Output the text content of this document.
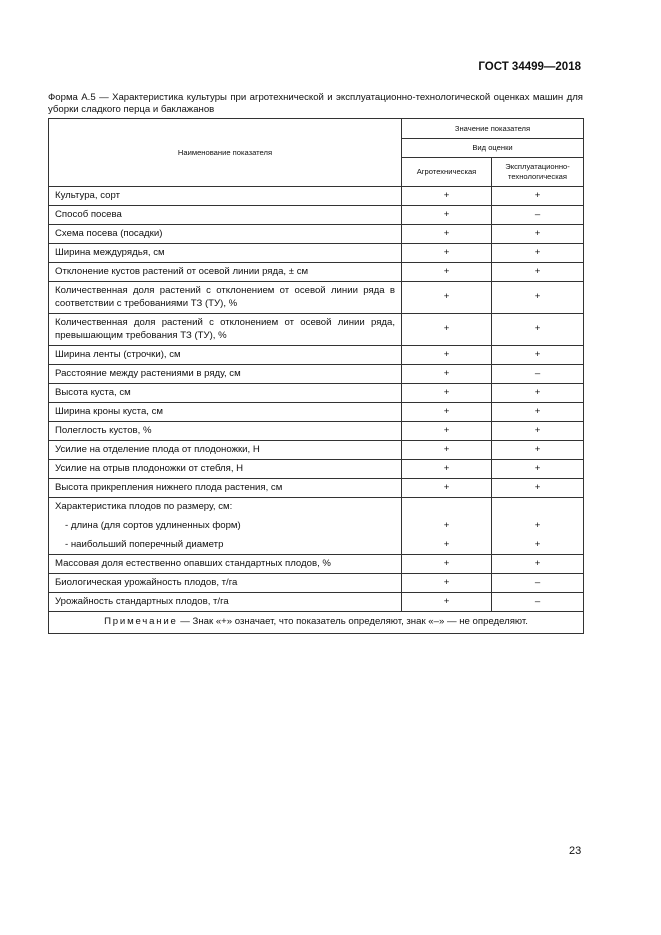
ГОСТ 34499—2018
Форма А.5 — Характеристика культуры при агротехнической и эксплуатационно-технологической оценках машин для уборки сладкого перца и баклажанов
Наименование показателя	Значение показателя	
	Вид оценки	
	Агротехническая	Эксплуатационно-технологическая
Культура, сорт	+	+
Способ посева	+	–
Схема посева (посадки)	+	+
Ширина междурядья, см	+	+
Отклонение кустов растений от осевой линии ряда, ± см	+	+
Количественная доля растений с отклонением от осевой линии ряда в соответствии с требованиями ТЗ (ТУ), %	+	+
Количественная доля растений с отклонением от осевой линии ряда, превышающим требования ТЗ (ТУ), %	+	+
Ширина ленты (строчки), см	+	+
Расстояние между растениями в ряду, см	+	–
Высота куста, см	+	+
Ширина кроны куста, см	+	+
Полеглость кустов, %	+	+
Усилие на отделение плода от плодоножки, Н	+	+
Усилие на отрыв плодоножки от стебля, Н	+	+
Высота прикрепления нижнего плода растения, см	+	+
Характеристика плодов по размеру, см:		
- длина (для сортов удлиненных форм)	+	+
- наибольший поперечный диаметр	+	+
Массовая доля естественно опавших стандартных плодов, %	+	+
Биологическая урожайность плодов, т/га	+	–
Урожайность стандартных плодов, т/га	+	–
Примечание — Знак «+» означает, что показатель определяют, знак «–» — не определяют.		
23
